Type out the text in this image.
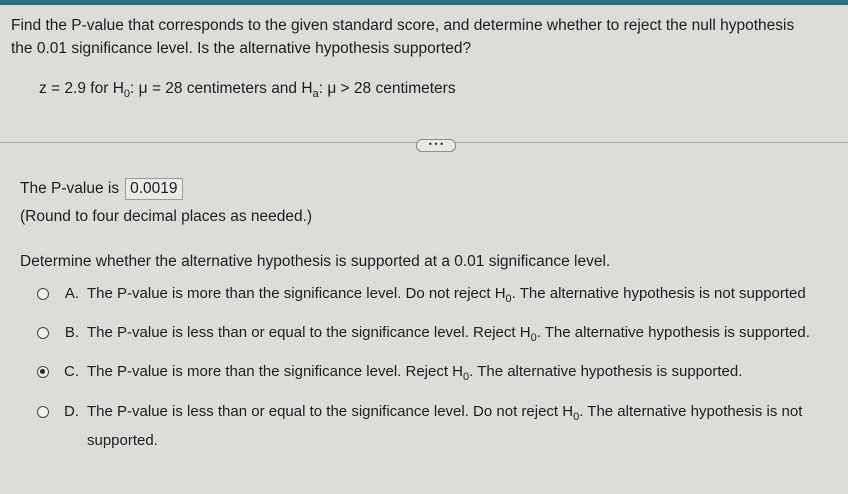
Find the P-value that corresponds to the given standard score, and determine whether to reject the null hypothesis
the 0.01 significance level. Is the alternative hypothesis supported?
z = 2.9 for $H_0$: μ = 28 centimeters and $H_a$: μ > 28 centimeters
• • •
The P-value is 0.0019
(Round to four decimal places as needed.)
Determine whether the alternative hypothesis is supported at a 0.01 significance level.
A. The P-value is more than the significance level. Do not reject $H_0$. The alternative hypothesis is not supported
B. The P-value is less than or equal to the significance level. Reject $H_0$. The alternative hypothesis is supported.
C. The P-value is more than the significance level. Reject $H_0$. The alternative hypothesis is supported.
D. The P-value is less than or equal to the significance level. Do not reject $H_0$. The alternative hypothesis is not supported.
